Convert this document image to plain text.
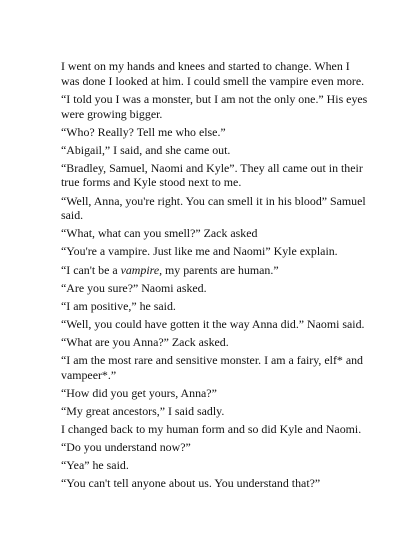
I went on my hands and knees and started to change. When I was done I looked at him. I could smell the vampire even more.

“I told you I was a monster, but I am not the only one.” His eyes were growing bigger.

“Who? Really? Tell me who else.”

“Abigail,” I said, and she came out.

“Bradley, Samuel, Naomi and Kyle”. They all came out in their true forms and Kyle stood next to me.

“Well, Anna, you're right. You can smell it in his blood” Samuel said.

“What, what can you smell?” Zack asked

“You're a vampire. Just like me and Naomi” Kyle explain.

“I can't be a vampire, my parents are human.”

“Are you sure?” Naomi asked.

“I am positive,” he said.

“Well, you could have gotten it the way Anna did.” Naomi said.

“What are you Anna?” Zack asked.

“I am the most rare and sensitive monster. I am a fairy, elf* and vampeer*.”

“How did you get yours, Anna?”

“My great ancestors,” I said sadly.

I changed back to my human form and so did Kyle and Naomi.

“Do you understand now?”

“Yea” he said.

“You can't tell anyone about us. You understand that?”
